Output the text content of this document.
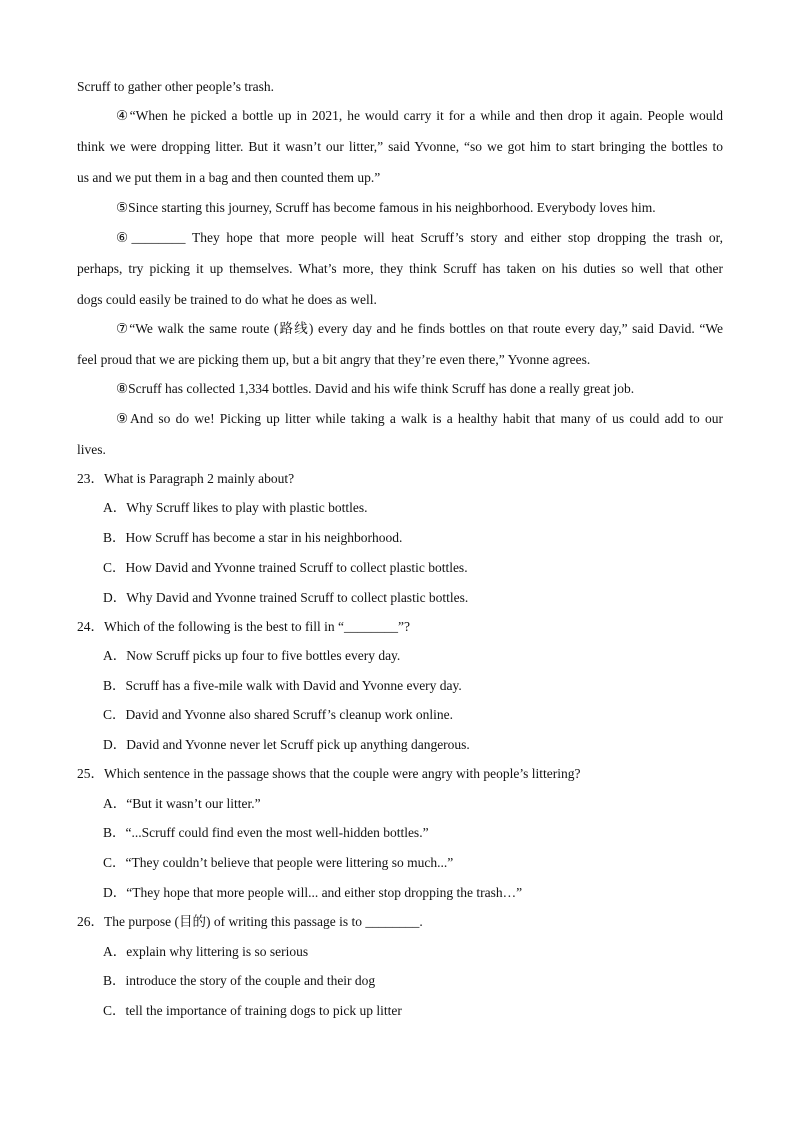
Scruff to gather other people’s trash.
④“When he picked a bottle up in 2021, he would carry it for a while and then drop it again. People would
think we were dropping litter. But it wasn’t our litter,” said Yvonne, “so we got him to start bringing the bottles to
us and we put them in a bag and then counted them up.”
⑤Since starting this journey, Scruff has become famous in his neighborhood. Everybody loves him.
⑥________ They hope that more people will heat Scruff’s story and either stop dropping the trash or,
perhaps, try picking it up themselves. What’s more, they think Scruff has taken on his duties so well that other
dogs could easily be trained to do what he does as well.
⑦“We walk the same route (路线) every day and he finds bottles on that route every day,” said David. “We
feel proud that we are picking them up, but a bit angry that they’re even there,” Yvonne agrees.
⑧Scruff has collected 1,334 bottles. David and his wife think Scruff has done a really great job.
⑨And so do we! Picking up litter while taking a walk is a healthy habit that many of us could add to our
lives.
23．What is Paragraph 2 mainly about?
A．Why Scruff likes to play with plastic bottles.
B．How Scruff has become a star in his neighborhood.
C．How David and Yvonne trained Scruff to collect plastic bottles.
D．Why David and Yvonne trained Scruff to collect plastic bottles.
24．Which of the following is the best to fill in “________”?
A．Now Scruff picks up four to five bottles every day.
B．Scruff has a five-mile walk with David and Yvonne every day.
C．David and Yvonne also shared Scruff’s cleanup work online.
D．David and Yvonne never let Scruff pick up anything dangerous.
25．Which sentence in the passage shows that the couple were angry with people’s littering?
A．“But it wasn’t our litter.”
B．“...Scruff could find even the most well-hidden bottles.”
C．“They couldn’t believe that people were littering so much...”
D．“They hope that more people will... and either stop dropping the trash…”
26．The purpose (目的) of writing this passage is to ________.
A．explain why littering is so serious
B．introduce the story of the couple and their dog
C．tell the importance of training dogs to pick up litter
